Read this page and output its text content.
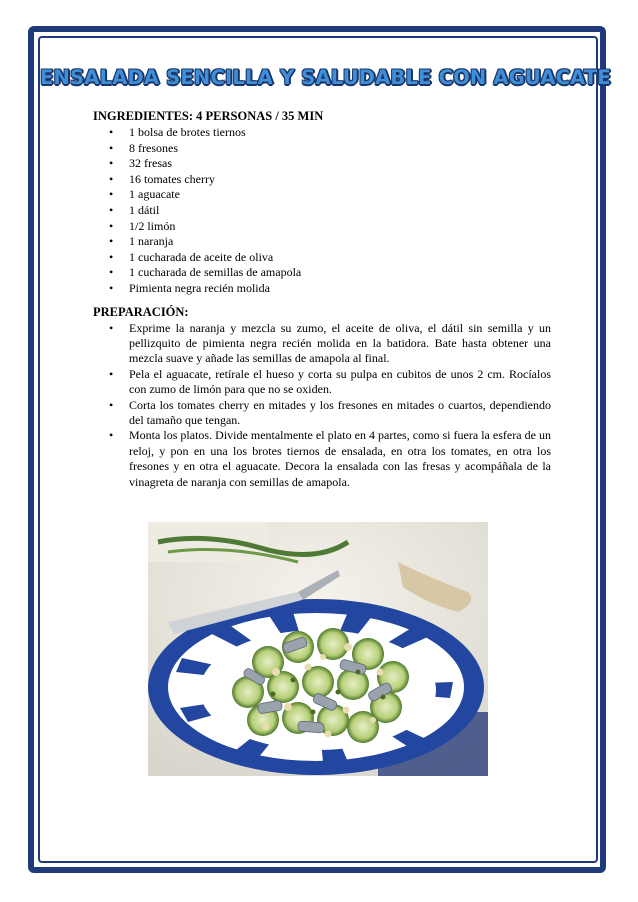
ENSALADA SENCILLA Y SALUDABLE CON AGUACATE

INGREDIENTES: 4 PERSONAS / 35 MIN

• 1 bolsa de brotes tiernos
• 8 fresones
• 32 fresas
• 16 tomates cherry
• 1 aguacate
• 1 dátil
• 1/2 limón
• 1 naranja
• 1 cucharada de aceite de oliva
• 1 cucharada de semillas de amapola
• Pimienta negra recién molida

PREPARACIÓN:

• Exprime la naranja y mezcla su zumo, el aceite de oliva, el dátil sin semilla y un pellizquito de pimienta negra recién molida en la batidora. Bate hasta obtener una mezcla suave y añade las semillas de amapola al final.
• Pela el aguacate, retírale el hueso y corta su pulpa en cubitos de unos 2 cm. Rocíalos con zumo de limón para que no se oxiden.
• Corta los tomates cherry en mitades y los fresones en mitades o cuartos, dependiendo del tamaño que tengan.
• Monta los platos. Divide mentalmente el plato en 4 partes, como si fuera la esfera de un reloj, y pon en una los brotes tiernos de ensalada, en otra los tomates, en otra los fresones y en otra el aguacate. Decora la ensalada con las fresas y acompáñala de la vinagreta de naranja con semillas de amapola.
